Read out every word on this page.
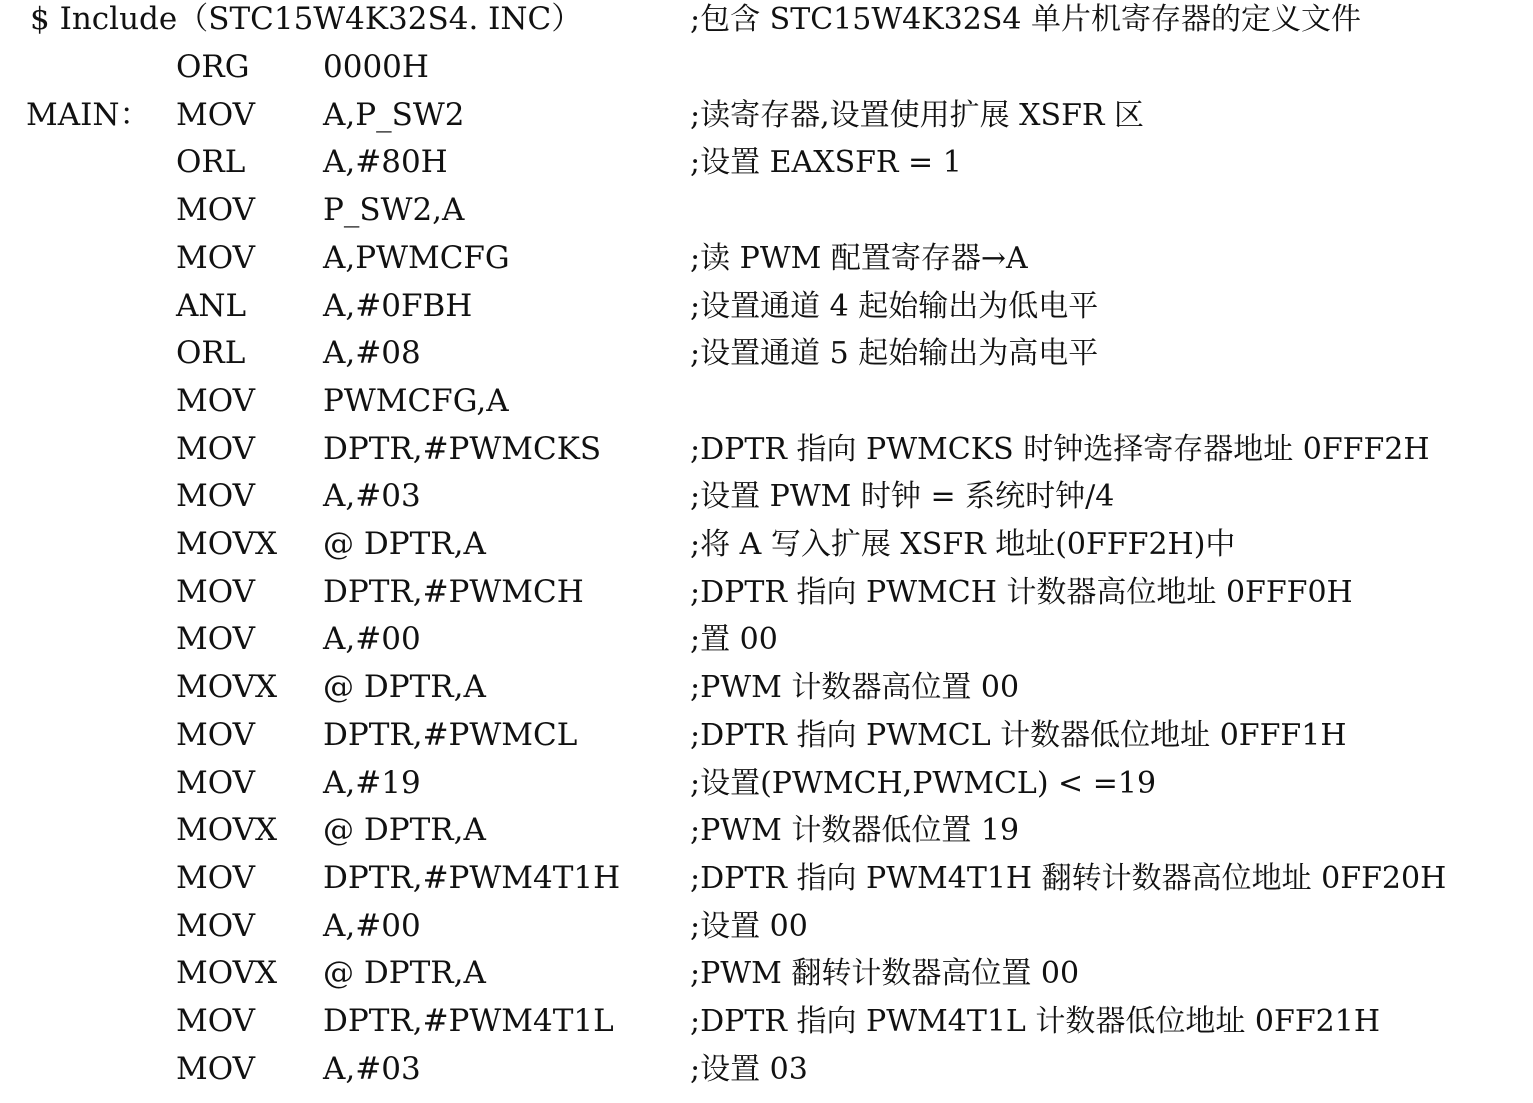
$ Include（STC15W4K32S4. INC）	;包含 STC15W4K32S4 单片机寄存器的定义文件
ORG 0000H
MAIN： MOV A,P_SW2	;读寄存器,设置使用扩展 XSFR 区
ORL	A,#80H	;设置 EAXSFR = 1
MOV P_SW2,A
MOV A,PWMCFG	;读 PWM 配置寄存器→A
ANL A,#0FBH	;设置通道 4 起始输出为低电平
ORL	A,#08	;设置通道 5 起始输出为高电平
MOV PWMCFG,A
MOV DPTR,#PWMCKS	;DPTR 指向 PWMCKS 时钟选择寄存器地址 0FFF2H
MOV A,#03	;设置 PWM 时钟 = 系统时钟/4
MOVX @ DPTR,A	;将 A 写入扩展 XSFR 地址(0FFF2H)中
MOV DPTR,#PWMCH	;DPTR 指向 PWMCH 计数器高位地址 0FFF0H
MOV A,#00	;置 00
MOVX @ DPTR,A	;PWM 计数器高位置 00
MOV DPTR,#PWMCL	;DPTR 指向 PWMCL 计数器低位地址 0FFF1H
MOV A,#19	;设置(PWMCH,PWMCL) < =19
MOVX @ DPTR,A	;PWM 计数器低位置 19
MOV DPTR,#PWM4T1H ;DPTR 指向 PWM4T1H 翻转计数器高位地址 0FF20H
MOV A,#00	;设置 00
MOVX @ DPTR,A	;PWM 翻转计数器高位置 00
MOV DPTR,#PWM4T1L	;DPTR 指向 PWM4T1L 计数器低位地址 0FF21H
MOV A,#03	;设置 03
